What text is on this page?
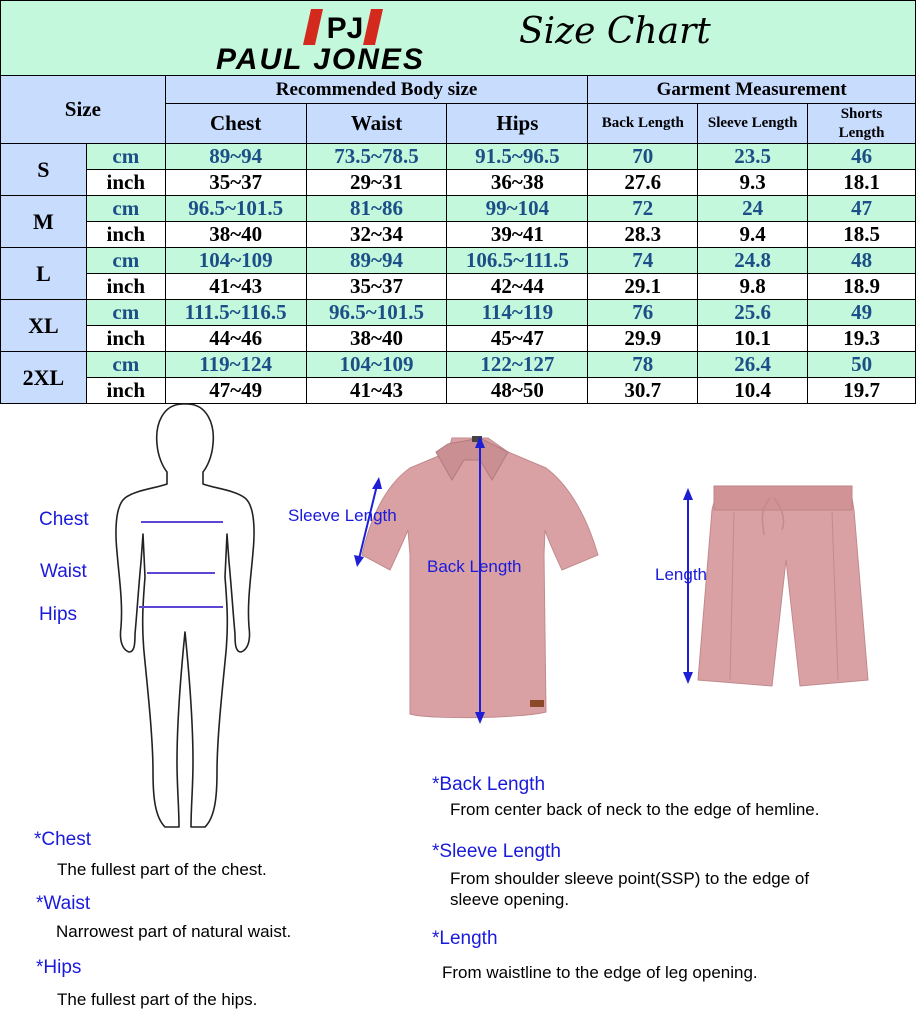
PJ
PAUL JONES
Size Chart
Size		Recommended Body size			Garment Measurement		
		Chest	Waist	Hips	Back Length	Sleeve Length	Shorts
Length
S	cm	89~94	73.5~78.5	91.5~96.5	70	23.5	46
	inch	35~37	29~31	36~38	27.6	9.3	18.1
M	cm	96.5~101.5	81~86	99~104	72	24	47
	inch	38~40	32~34	39~41	28.3	9.4	18.5
L	cm	104~109	89~94	106.5~111.5	74	24.8	48
	inch	41~43	35~37	42~44	29.1	9.8	18.9
XL	cm	111.5~116.5	96.5~101.5	114~119	76	25.6	49
	inch	44~46	38~40	45~47	29.9	10.1	19.3
2XL	cm	119~124	104~109	122~127	78	26.4	50
	inch	47~49	41~43	48~50	30.7	10.4	19.7
Chest
Waist
Hips
Sleeve Length
Back Length	Length
*Chest
The fullest part of the chest.
*Waist
Narrowest part of natural waist.
*Hips
The fullest part of the hips.
*Back Length
From center back of neck to the edge of hemline.
*Sleeve Length
From shoulder sleeve point(SSP) to the edge of
sleeve opening.
*Length
From waistline to the edge of leg opening.
